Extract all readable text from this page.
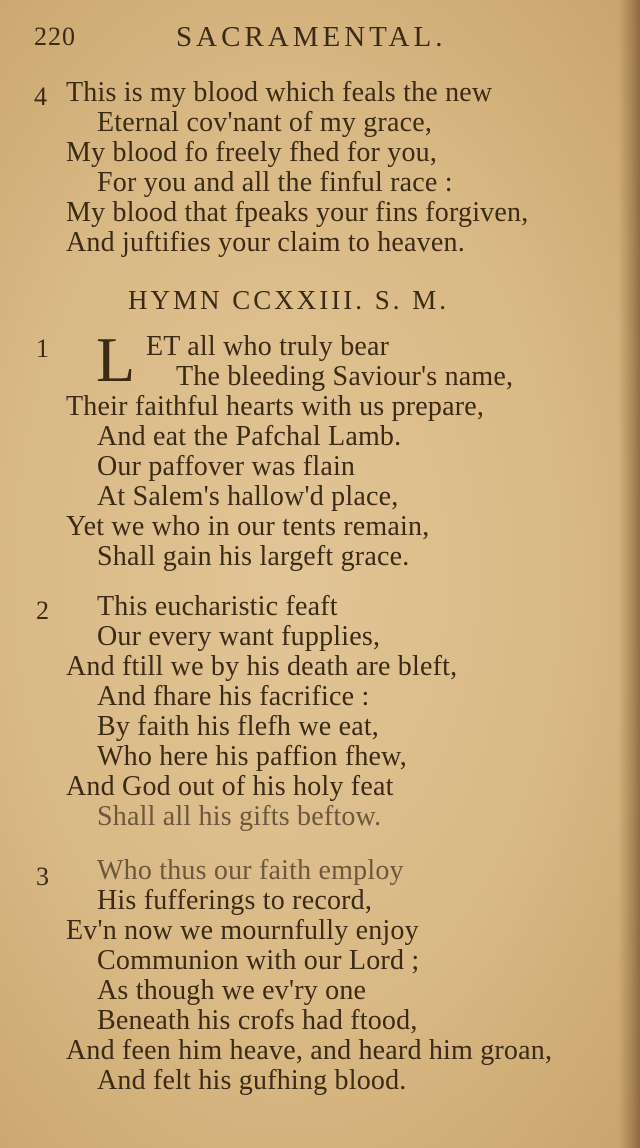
220	SACRAMENTAL.
4 This is my blood which feals the new
Eternal cov'nant of my grace,
My blood fo freely fhed for you,
For you and all the finful race :
My blood that fpeaks your fins forgiven,
And juftifies your claim to heaven.
HYMN CCXXIII. S. M.
1 L ET all who truly bear
The bleeding Saviour's name,
Their faithful hearts with us prepare,
And eat the Pafchal Lamb.
Our paffover was flain
At Salem's hallow'd place,
Yet we who in our tents remain,
Shall gain his largeft grace.
2 This eucharistic feaft
Our every want fupplies,
And ftill we by his death are bleft,
And fhare his facrifice :
By faith his flefh we eat,
Who here his paffion fhew,
And God out of his holy feat
Shall all his gifts beftow.
3 Who thus our faith employ
His fufferings to record,
Ev'n now we mournfully enjoy
Communion with our Lord ;
As though we ev'ry one
Beneath his crofs had ftood,
And feen him heave, and heard him groan,
And felt his gufhing blood.
